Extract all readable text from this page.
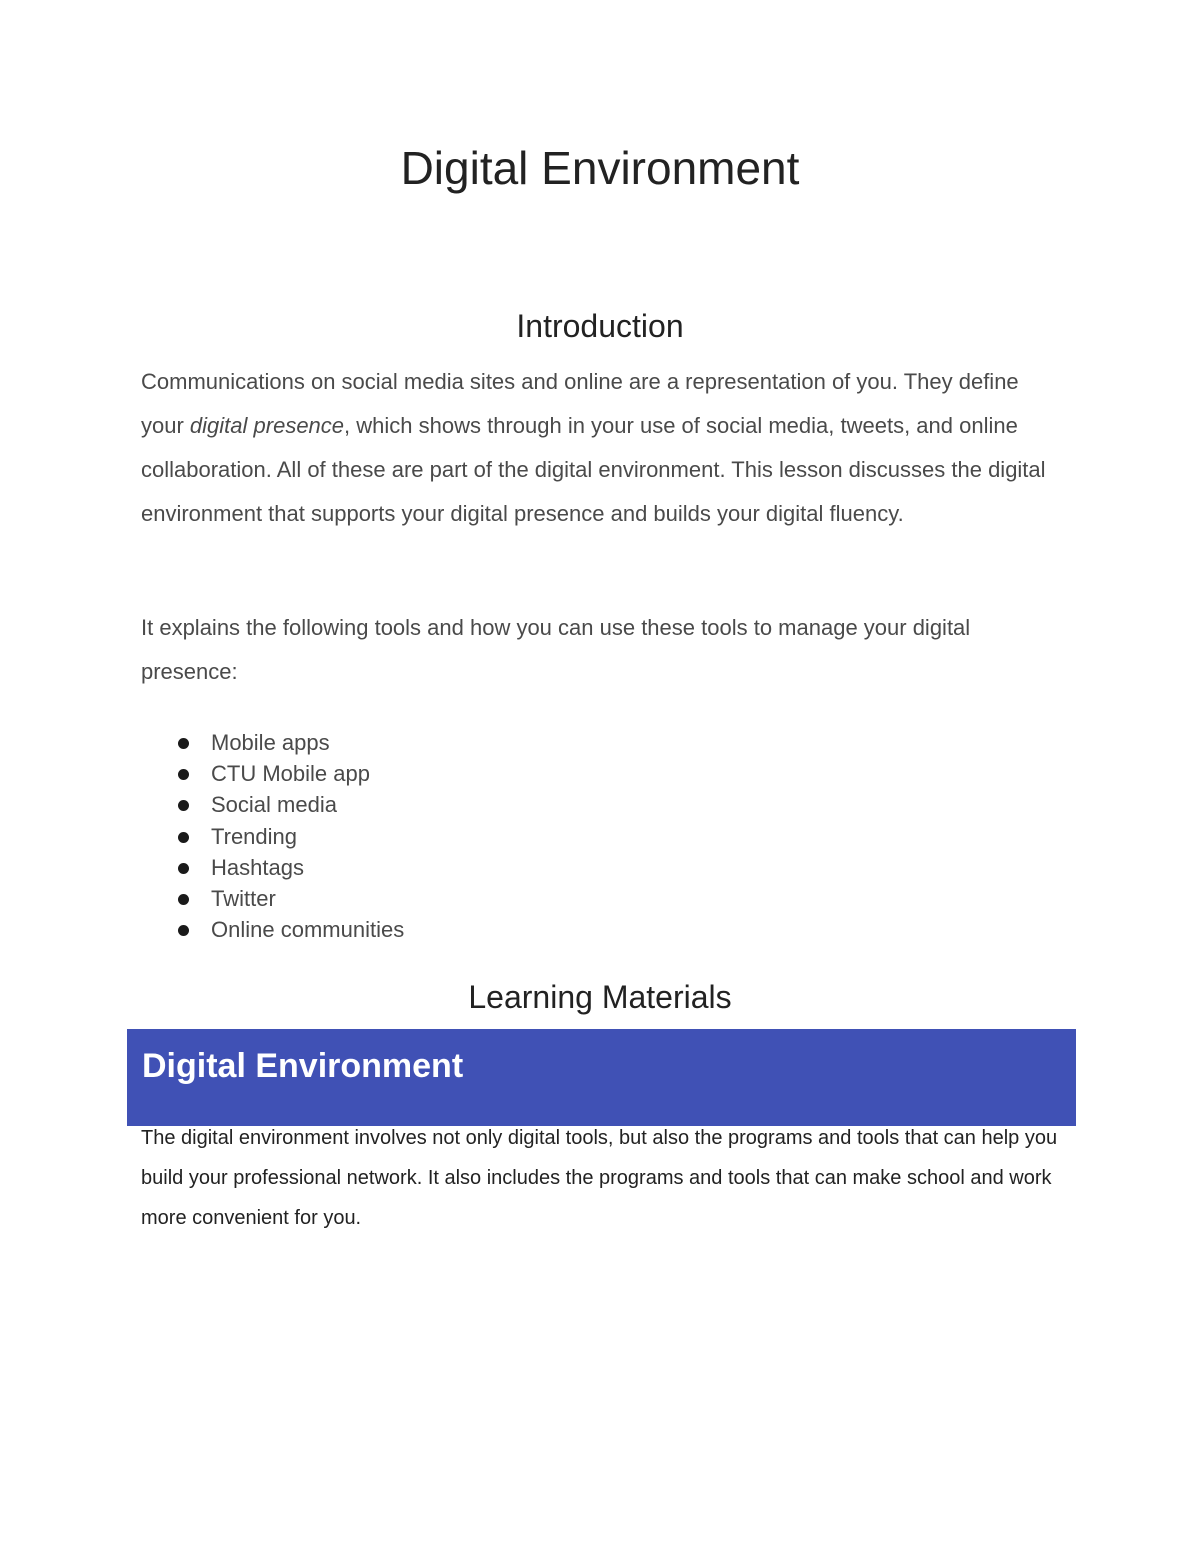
Digital Environment
Introduction

Communications on social media sites and online are a representation of you. They define your digital presence, which shows through in your use of social media, tweets, and online collaboration. All of these are part of the digital environment. This lesson discusses the digital environment that supports your digital presence and builds your digital fluency.

It explains the following tools and how you can use these tools to manage your digital presence:

Mobile apps
CTU Mobile app
Social media
Trending
Hashtags
Twitter
Online communities
Learning Materials
Digital Environment

The digital environment involves not only digital tools, but also the programs and tools that can help you build your professional network. It also includes the programs and tools that can make school and work more convenient for you.
